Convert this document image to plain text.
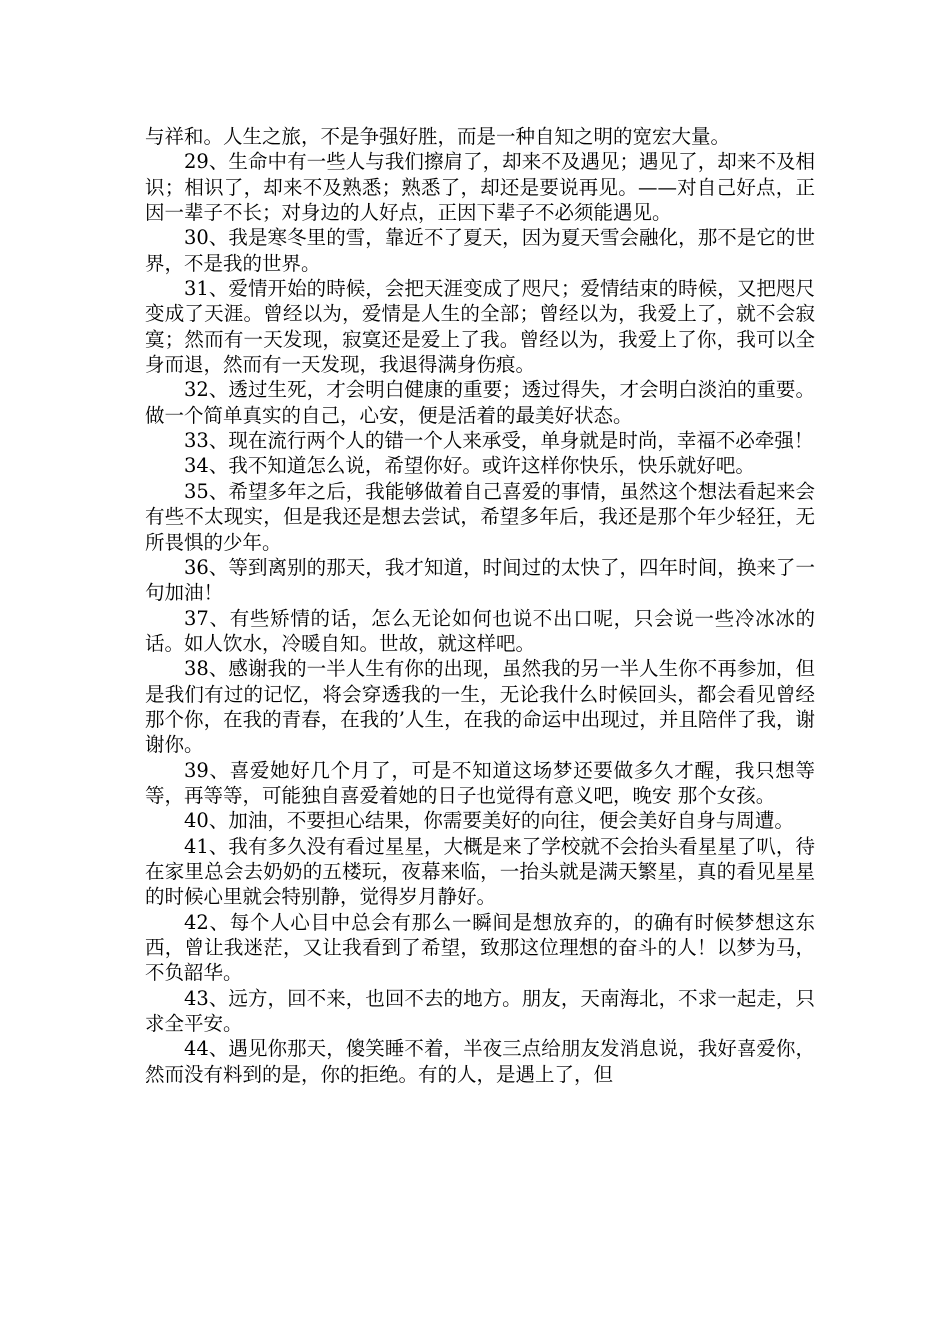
与祥和。人生之旅，不是争强好胜，而是一种自知之明的宽宏大量。

29、生命中有一些人与我们擦肩了，却来不及遇见；遇见了，却来不及相识；相识了，却来不及熟悉；熟悉了，却还是要说再见。——对自己好点，正因一辈子不长；对身边的人好点，正因下辈子不必须能遇见。

30、我是寒冬里的雪，靠近不了夏天，因为夏天雪会融化，那不是它的世界，不是我的世界。

31、爱情开始的時候，会把天涯变成了咫尺；爱情结束的時候，又把咫尺变成了天涯。曾经以为，爱情是人生的全部；曾经以为，我爱上了，就不会寂寞；然而有一天发现，寂寞还是爱上了我。曾经以为，我爱上了你，我可以全身而退，然而有一天发现，我退得满身伤痕。

32、透过生死，才会明白健康的重要；透过得失，才会明白淡泊的重要。做一个简单真实的自己，心安，便是活着的最美好状态。

33、现在流行两个人的错一个人来承受，单身就是时尚，幸福不必牵强！

34、我不知道怎么说，希望你好。或许这样你快乐，快乐就好吧。

35、希望多年之后，我能够做着自己喜爱的事情，虽然这个想法看起来会有些不太现实，但是我还是想去尝试，希望多年后，我还是那个年少轻狂，无所畏惧的少年。

36、等到离别的那天，我才知道，时间过的太快了，四年时间，换来了一句加油！

37、有些矫情的话，怎么无论如何也说不出口呢，只会说一些冷冰冰的话。如人饮水，冷暖自知。世故，就这样吧。

38、感谢我的一半人生有你的出现，虽然我的另一半人生你不再参加，但是我们有过的记忆，将会穿透我的一生，无论我什么时候回头，都会看见曾经那个你，在我的青春，在我的’人生，在我的命运中出现过，并且陪伴了我，谢谢你。

39、喜爱她好几个月了，可是不知道这场梦还要做多久才醒，我只想等等，再等等，可能独自喜爱着她的日子也觉得有意义吧，晚安 那个女孩。

40、加油，不要担心结果，你需要美好的向往，便会美好自身与周遭。

41、我有多久没有看过星星，大概是来了学校就不会抬头看星星了叭，待在家里总会去奶奶的五楼玩，夜幕来临，一抬头就是满天繁星，真的看见星星的时候心里就会特别静，觉得岁月静好。

42、每个人心目中总会有那么一瞬间是想放弃的，的确有时候梦想这东西，曾让我迷茫，又让我看到了希望，致那这位理想的奋斗的人！以梦为马，不负韶华。

43、远方，回不来，也回不去的地方。朋友，天南海北，不求一起走，只求全平安。

44、遇见你那天，傻笑睡不着，半夜三点给朋友发消息说，我好喜爱你，然而没有料到的是，你的拒绝。有的人，是遇上了，但
